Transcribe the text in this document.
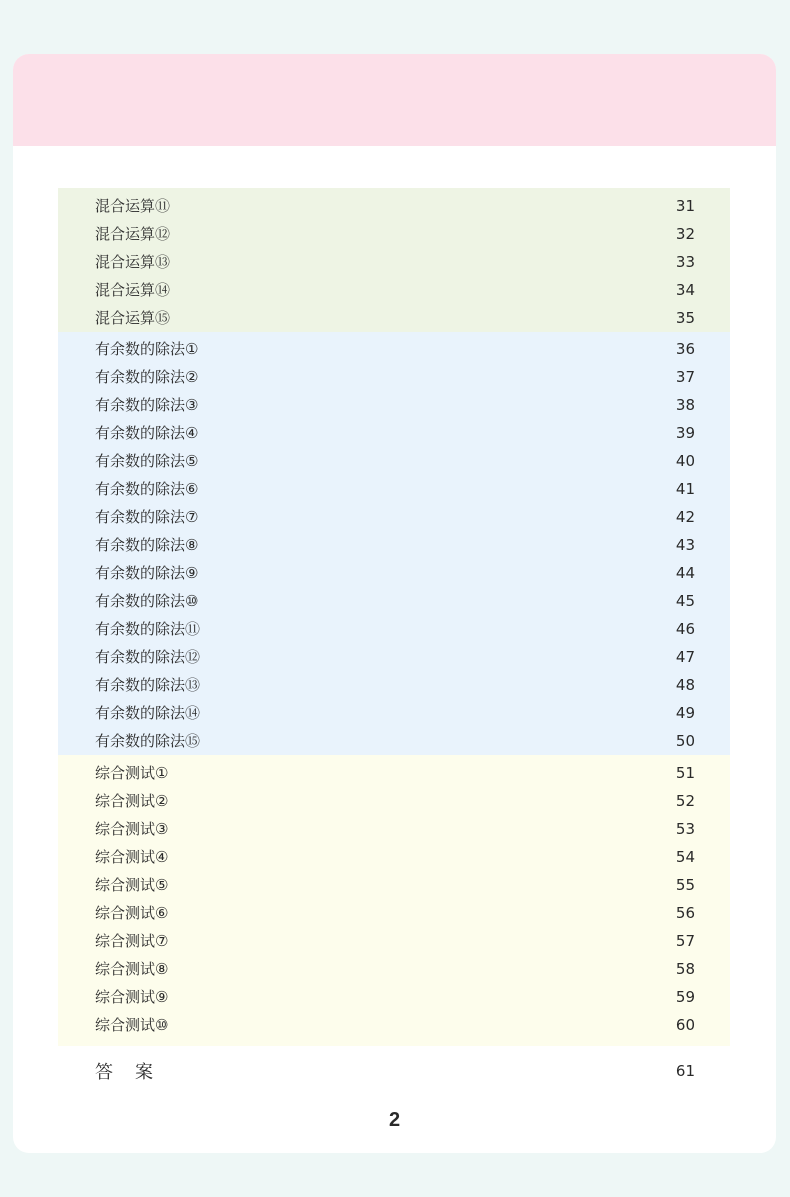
混合运算⑪	31
混合运算⑫	32
混合运算⑬	33
混合运算⑭	34
混合运算⑮	35
有余数的除法①	36
有余数的除法②	37
有余数的除法③	38
有余数的除法④	39
有余数的除法⑤	40
有余数的除法⑥	41
有余数的除法⑦	42
有余数的除法⑧	43
有余数的除法⑨	44
有余数的除法⑩	45
有余数的除法⑪	46
有余数的除法⑫	47
有余数的除法⑬	48
有余数的除法⑭	49
有余数的除法⑮	50
综合测试①	51
综合测试②	52
综合测试③	53
综合测试④	54
综合测试⑤	55
综合测试⑥	56
综合测试⑦	57
综合测试⑧	58
综合测试⑨	59
综合测试⑩	60
答案	61
2
